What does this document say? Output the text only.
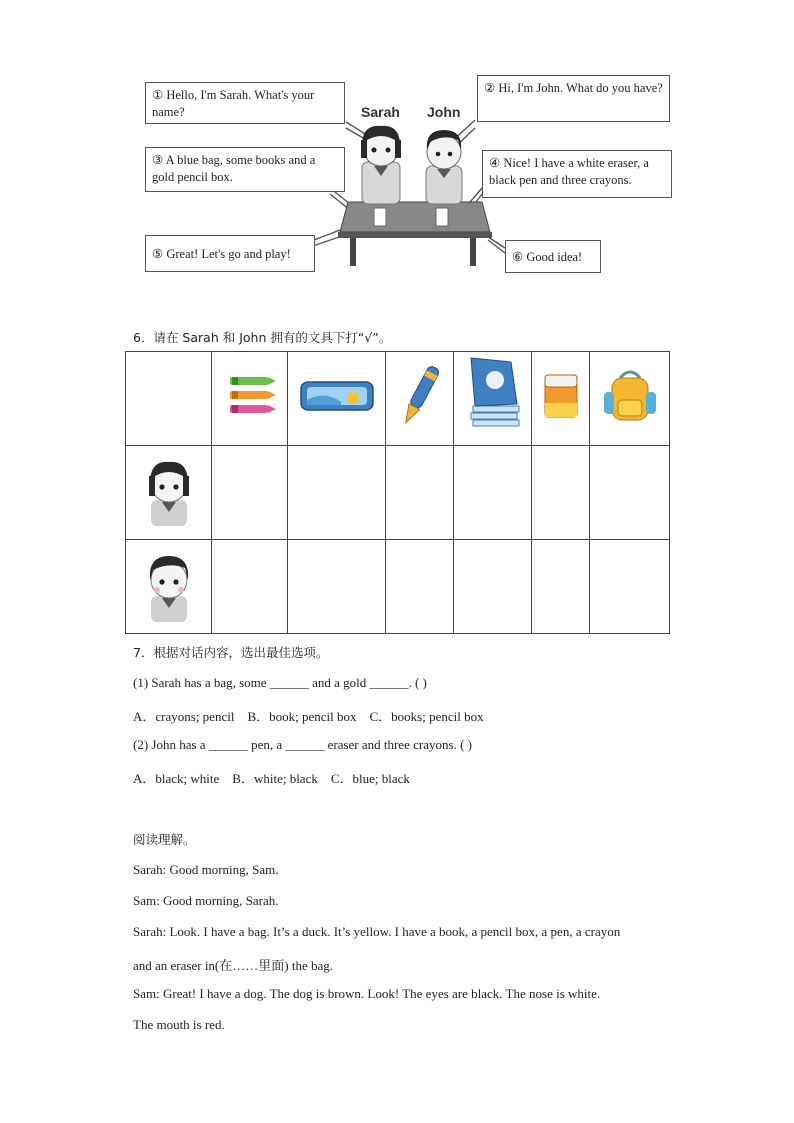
Sarah John
① Hello, I'm Sarah. What's your name?
② Hi, I'm John. What do you have?
③ A blue bag, some books and a gold pencil box.
④ Nice! I have a white eraser, a black pen and three crayons.
⑤ Great! Let's go and play!	⑥ Good idea!
6．请在 Sarah 和 John 拥有的文具下打“√”。

7．根据对话内容，选出最佳选项。
(1) Sarah has a bag, some ______ and a gold ______. ( )
A．crayons; pencil    B．book; pencil box    C．books; pencil box
(2) John has a ______ pen, a ______ eraser and three crayons. ( )
A．black; white    B．white; black    C．blue; black
阅读理解。
Sarah: Good morning, Sam.
Sam: Good morning, Sarah.
Sarah: Look. I have a bag. It’s a duck. It’s yellow. I have a book, a pencil box, a pen, a crayon
and an eraser in(在……里面) the bag.
Sam: Great! I have a dog. The dog is brown. Look! The eyes are black. The nose is white.
The mouth is red.
